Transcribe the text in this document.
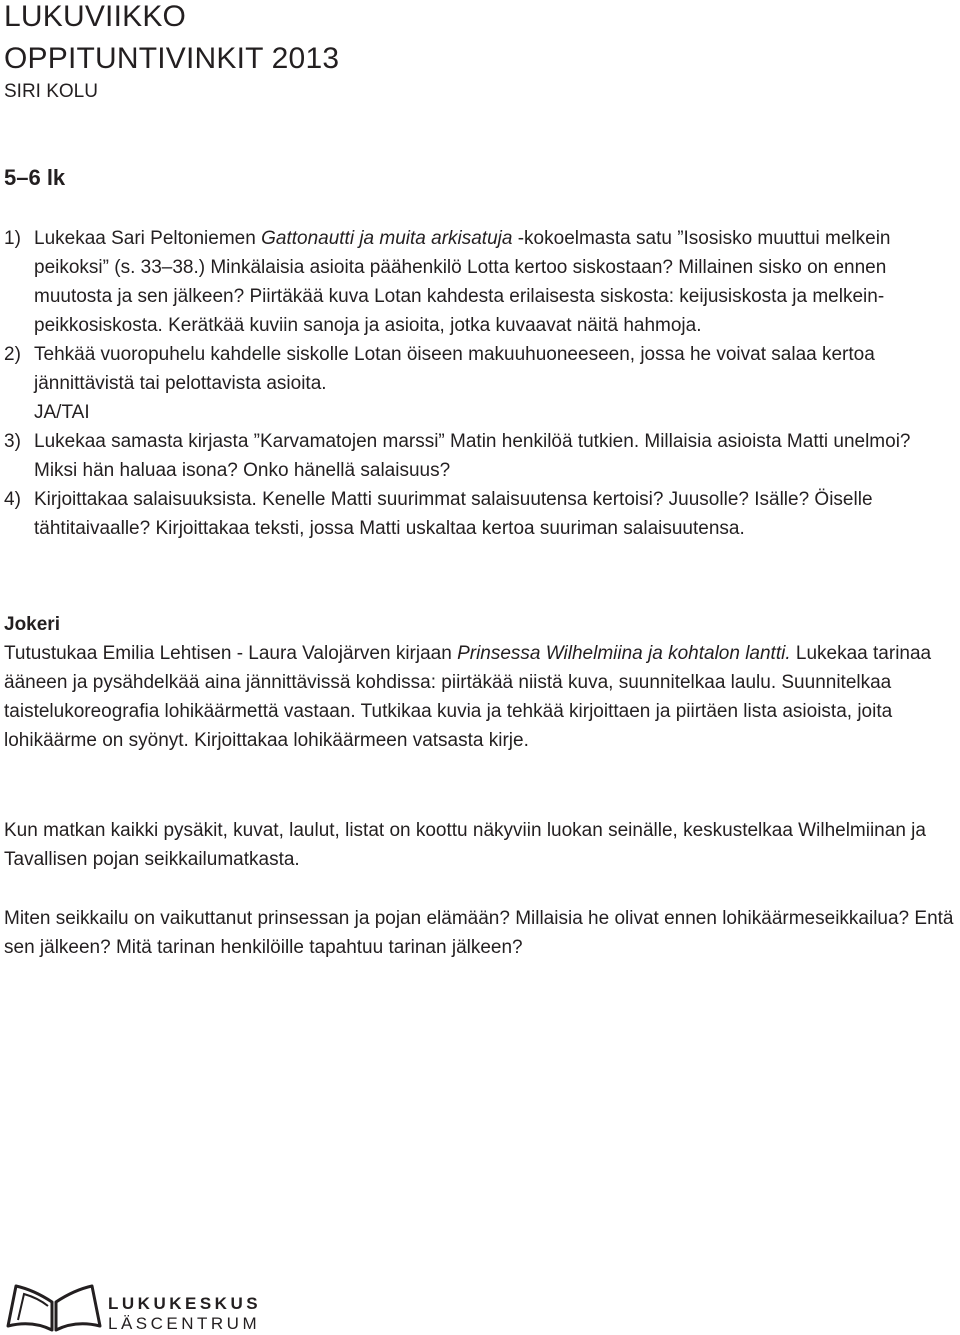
LUKUVIIKKO
OPPITUNTIVINKIT 2013
SIRI KOLU
5–6 lk
1) Lukekaa Sari Peltoniemen Gattonautti ja muita arkisatuja -kokoelmasta satu ”Isosisko muuttui melkein peikoksi” (s. 33–38.) Minkälaisia asioita päähenkilö Lotta kertoo siskostaan? Millainen sisko on ennen muutosta ja sen jälkeen? Piirtäkää kuva Lotan kahdesta erilaisesta siskosta: keijusiskosta ja melkein-peikkosiskosta. Kerätkää kuviin sanoja ja asioita, jotka kuvaavat näitä hahmoja.
2) Tehkää vuoropuhelu kahdelle siskolle Lotan öiseen makuuhuoneeseen, jossa he voivat salaa kertoa jännittävistä tai pelottavista asioita.
JA/TAI
3) Lukekaa samasta kirjasta ”Karvamatojen marssi” Matin henkilöä tutkien. Millaisia asioista Matti unelmoi? Miksi hän haluaa isona? Onko hänellä salaisuus?
4) Kirjoittakaa salaisuuksista. Kenelle Matti suurimmat salaisuutensa kertoisi? Juusolle? Isälle? Öiselle tähtitaivaalle? Kirjoittakaa teksti, jossa Matti uskaltaa kertoa suuriman salaisuutensa.
Jokeri
Tutustukaa Emilia Lehtisen - Laura Valojärven kirjaan Prinsessa Wilhelmiina ja kohtalon lantti. Lukekaa tarinaa ääneen ja pysähdelkää aina jännittävissä kohdissa: piirtäkää niistä kuva, suunnitelkaa laulu. Suunnitelkaa taistelukoreografia lohikäärmettä vastaan. Tutkikaa kuvia ja tehkää kirjoittaen ja piirtäen lista asioista, joita lohikäärme on syönyt. Kirjoittakaa lohikäärmeen vatsasta kirje.
Kun matkan kaikki pysäkit, kuvat, laulut, listat on koottu näkyviin luokan seinälle, keskustelkaa Wilhelmiinan ja Tavallisen pojan seikkailumatkasta.
Miten seikkailu on vaikuttanut prinsessan ja pojan elämään? Millaisia he olivat ennen lohikäärmeseikkailua? Entä sen jälkeen? Mitä tarinan henkilöille tapahtuu tarinan jälkeen?
LUKUKESKUS
LÄSCENTRUM
